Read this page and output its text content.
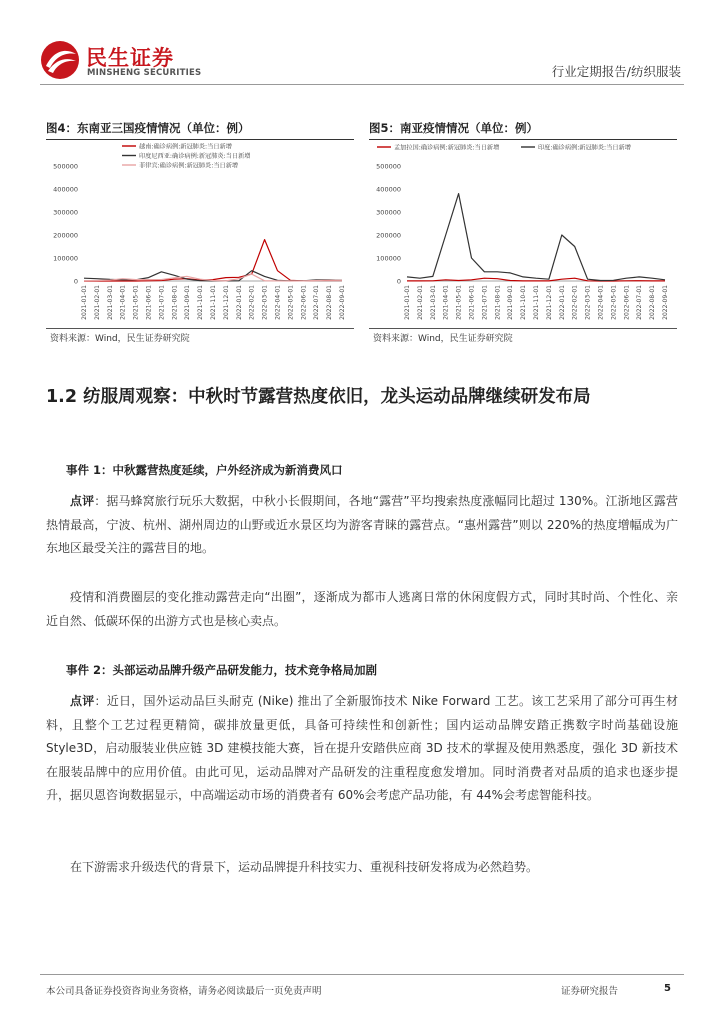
民生证券
MINSHENG SECURITIES	行业定期报告/纺织服装
图4：东南亚三国疫情情况（单位：例）
越南:确诊病例:新冠肺炎:当日新增
印度尼西亚:确诊病例:新冠肺炎:当日新增
菲律宾:确诊病例:新冠肺炎:当日新增
500000
400000
300000
200000
100000
0
2021-01-01 2021-02-01 2021-03-01 2021-04-01 2021-05-01 2021-06-01 2021-07-01 2021-08-01 2021-09-01 2021-10-01 2021-11-01 2021-12-01 2022-01-01 2022-02-01 2022-03-01 2022-04-01 2022-05-01 2022-06-01 2022-07-01 2022-08-01 2022-09-01
资料来源：Wind，民生证券研究院
图5：南亚疫情情况（单位：例）
孟加拉国:确诊病例:新冠肺炎:当日新增	印度:确诊病例:新冠肺炎:当日新增
500000
400000
300000
200000
100000
0
2021-01-01 2021-02-01 2021-03-01 2021-04-01 2021-05-01 2021-06-01 2021-07-01 2021-08-01 2021-09-01 2021-10-01 2021-11-01 2021-12-01 2022-01-01 2022-02-01 2022-03-01 2022-04-01 2022-05-01 2022-06-01 2022-07-01 2022-08-01 2022-09-01
资料来源：Wind，民生证券研究院
1.2 纺服周观察：中秋时节露营热度依旧，龙头运动品牌继续研发布局
事件 1：中秋露营热度延续，户外经济成为新消费风口
点评：据马蜂窝旅行玩乐大数据，中秋小长假期间，各地“露营”平均搜索热度涨幅同比超过 130%。江浙地区露营热情最高，宁波、杭州、湖州周边的山野或近水景区均为游客青睐的露营点。“惠州露营”则以 220%的热度增幅成为广东地区最受关注的露营目的地。
疫情和消费圈层的变化推动露营走向“出圈”，逐渐成为都市人逃离日常的休闲度假方式，同时其时尚、个性化、亲近自然、低碳环保的出游方式也是核心卖点。
事件 2：头部运动品牌升级产品研发能力，技术竞争格局加剧
点评：近日，国外运动品巨头耐克 (Nike) 推出了全新服饰技术 Nike Forward 工艺。该工艺采用了部分可再生材料，且整个工艺过程更精简，碳排放量更低，具备可持续性和创新性；国内运动品牌安踏正携数字时尚基础设施 Style3D，启动服装业供应链 3D 建模技能大赛，旨在提升安踏供应商 3D 技术的掌握及使用熟悉度，强化 3D 新技术在服装品牌中的应用价值。由此可见，运动品牌对产品研发的注重程度愈发增加。同时消费者对品质的追求也逐步提升，据贝恩咨询数据显示，中高端运动市场的消费者有 60%会考虑产品功能，有 44%会考虑智能科技。
在下游需求升级迭代的背景下，运动品牌提升科技实力、重视科技研发将成为必然趋势。
本公司具备证券投资咨询业务资格，请务必阅读最后一页免责声明	证券研究报告	5
